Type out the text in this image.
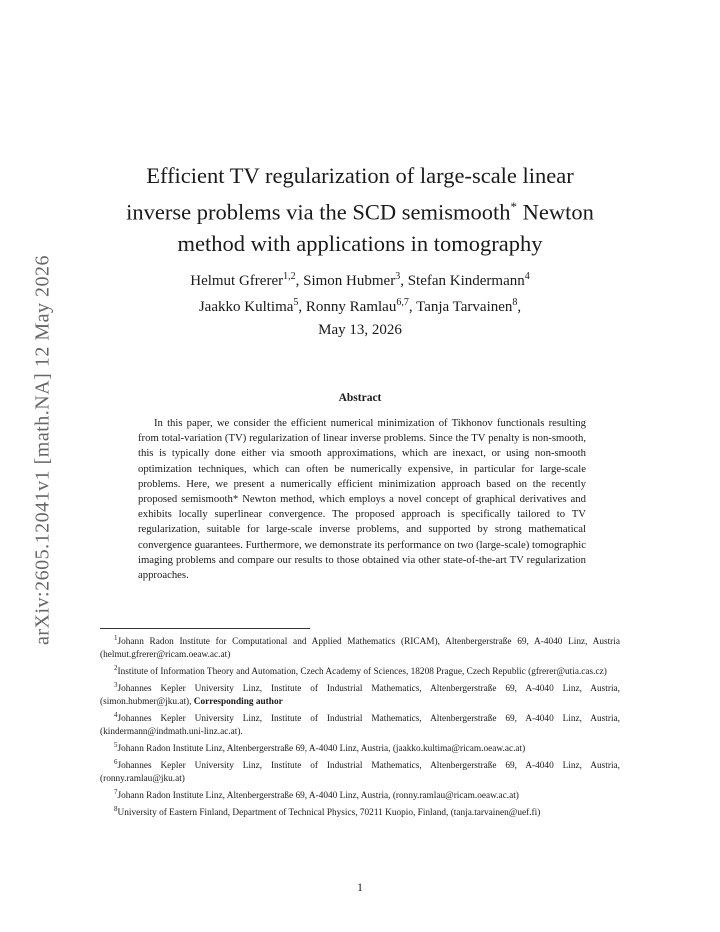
arXiv:2605.12041v1 [math.NA] 12 May 2026
Efficient TV regularization of large-scale linear
inverse problems via the SCD semismooth* Newton
method with applications in tomography
Helmut Gfrerer$^{1,2}$, Simon Hubmer$^3$, Stefan Kindermann$^4$
Jaakko Kultima$^5$, Ronny Ramlau$^{6,7}$, Tanja Tarvainen$^8$,
May 13, 2026
Abstract

In this paper, we consider the efficient numerical minimization of Tikhonov functionals resulting from total-variation (TV) regularization of linear inverse problems. Since the TV penalty is non-smooth, this is typically done either via smooth approximations, which are inexact, or using non-smooth optimization techniques, which can often be numerically expensive, in particular for large-scale problems. Here, we present a numerically efficient minimization approach based on the recently proposed semismooth* Newton method, which employs a novel concept of graphical derivatives and exhibits locally superlinear convergence. The proposed approach is specifically tailored to TV regularization, suitable for large-scale inverse problems, and supported by strong mathematical convergence guarantees. Furthermore, we demonstrate its performance on two (large-scale) tomographic imaging problems and compare our results to those obtained via other state-of-the-art TV regularization approaches.

$^1$Johann Radon Institute for Computational and Applied Mathematics (RICAM), Altenbergerstraße 69, A-4040 Linz, Austria (helmut.gfrerer@ricam.oeaw.ac.at)

$^2$Institute of Information Theory and Automation, Czech Academy of Sciences, 18208 Prague, Czech Republic (gfrerer@utia.cas.cz)

$^3$Johannes Kepler University Linz, Institute of Industrial Mathematics, Altenbergerstraße 69, A-4040 Linz, Austria, (simon.hubmer@jku.at), Corresponding author

$^4$Johannes Kepler University Linz, Institute of Industrial Mathematics, Altenbergerstraße 69, A-4040 Linz, Austria, (kindermann@indmath.uni-linz.ac.at).

$^5$Johann Radon Institute Linz, Altenbergerstraße 69, A-4040 Linz, Austria, (jaakko.kultima@ricam.oeaw.ac.at)

$^6$Johannes Kepler University Linz, Institute of Industrial Mathematics, Altenbergerstraße 69, A-4040 Linz, Austria, (ronny.ramlau@jku.at)

$^7$Johann Radon Institute Linz, Altenbergerstraße 69, A-4040 Linz, Austria, (ronny.ramlau@ricam.oeaw.ac.at)

$^8$University of Eastern Finland, Department of Technical Physics, 70211 Kuopio, Finland, (tanja.tarvainen@uef.fi)

1
